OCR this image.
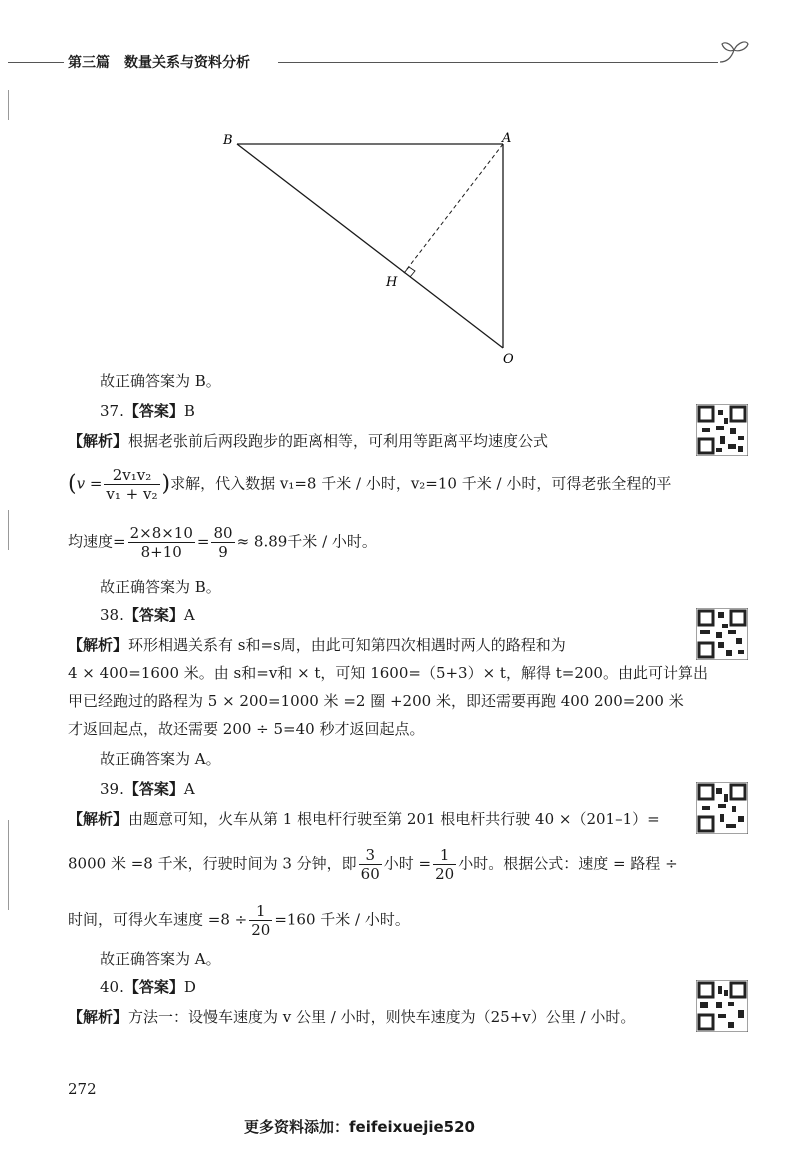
第三篇 数量关系与资料分析
B	A
H
O
故正确答案为 B。
37.【答案】B
【解析】根据老张前后两段跑步的距离相等，可利用等距离平均速度公式
($v = \frac{\text{2v₁v₂}}{\text{v₁ + v₂}}$ )求解，代入数据 v₁=8 千米 / 小时，v₂=10 千米 / 小时，可得老张全程的平
均速度= $\frac{2\times 8\times 10}{8+10} = \frac{80}{9} \approx 8.89$千米 / 小时。
故正确答案为 B。
38.【答案】A
【解析】环形相遇关系有 s和=s周，由此可知第四次相遇时两人的路程和为
4 × 400=1600 米。由 s和=v和 × t，可知 1600=（5+3）× t，解得 t=200。由此可计算出
甲已经跑过的路程为 5 × 200=1000 米 =2 圈 +200 米，即还需要再跑 400 200=200 米
才返回起点，故还需要 200 ÷ 5=40 秒才返回起点。
故正确答案为 A。
39.【答案】A
【解析】由题意可知，火车从第 1 根电杆行驶至第 201 根电杆共行驶 40 ×（201–1）=
8000 米 =8 千米，行驶时间为 3 分钟，即 $\frac{3}{60}$ 小时 = $\frac{1}{20}$ 小时。根据公式：速度 = 路程 ÷
时间，可得火车速度 $=8 \div \frac{1}{20} =160$ 千米 / 小时。
故正确答案为 A。
40.【答案】D
【解析】方法一：设慢车速度为 v 公里 / 小时，则快车速度为（25+v）公里 / 小时。
272
更多资料添加：feifeixuejie520
